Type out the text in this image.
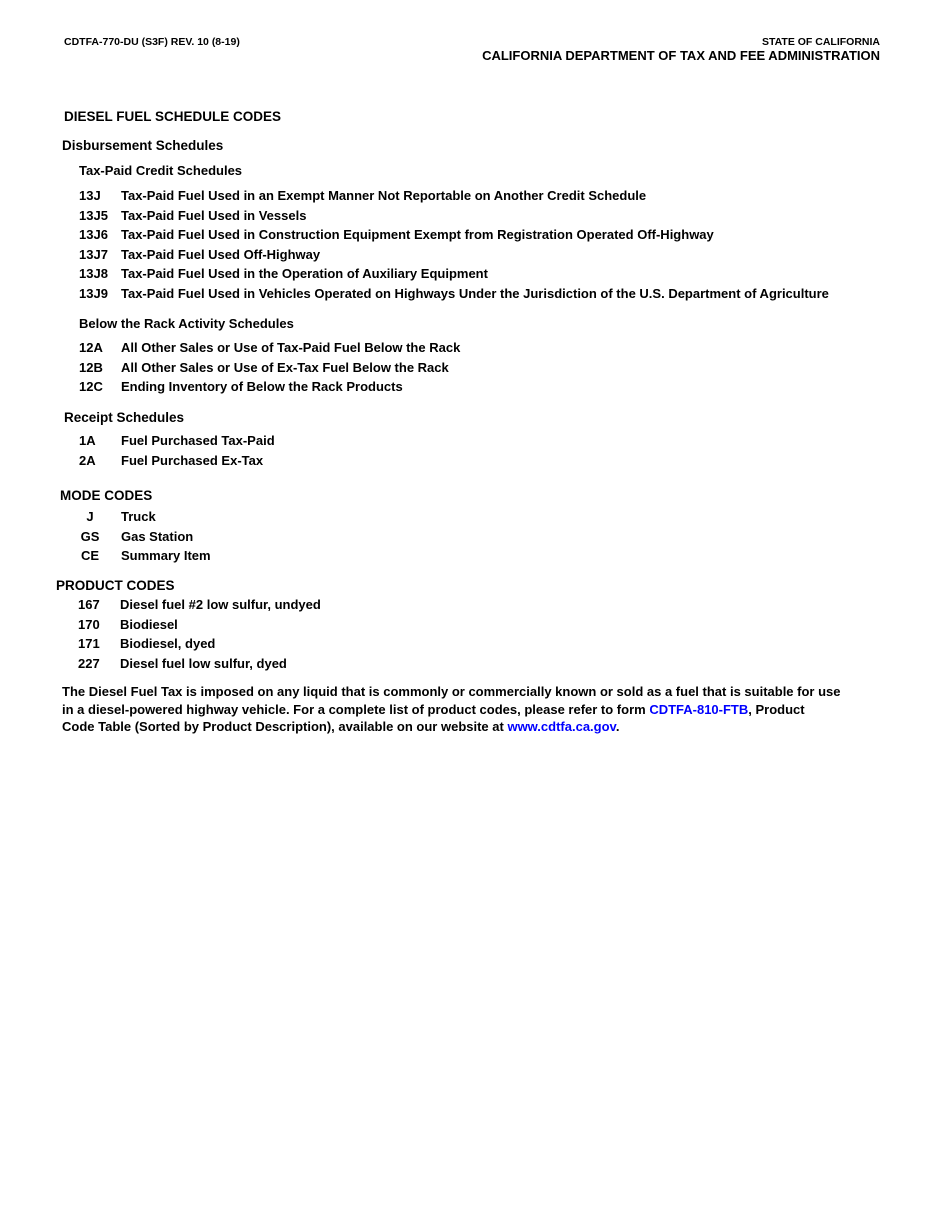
CDTFA-770-DU (S3F) REV. 10 (8-19)	STATE OF CALIFORNIA
CALIFORNIA DEPARTMENT OF TAX AND FEE ADMINISTRATION
DIESEL FUEL SCHEDULE CODES
Disbursement Schedules
Tax-Paid Credit Schedules
13J	Tax-Paid Fuel Used in an Exempt Manner Not Reportable on Another Credit Schedule
13J5	Tax-Paid Fuel Used in Vessels
13J6	Tax-Paid Fuel Used in Construction Equipment Exempt from Registration Operated Off-Highway
13J7	Tax-Paid Fuel Used Off-Highway
13J8	Tax-Paid Fuel Used in the Operation of Auxiliary Equipment
13J9	Tax-Paid Fuel Used in Vehicles Operated on Highways Under the Jurisdiction of the U.S. Department of Agriculture
Below the Rack Activity Schedules
12A	All Other Sales or Use of Tax-Paid Fuel Below the Rack
12B	All Other Sales or Use of Ex-Tax Fuel Below the Rack
12C	Ending Inventory of Below the Rack Products
Receipt Schedules
1A	Fuel Purchased Tax-Paid
2A	Fuel Purchased Ex-Tax
MODE CODES
J	Truck
GS Gas Station
CE Summary Item
PRODUCT CODES
167	Diesel fuel #2 low sulfur, undyed
170	Biodiesel
171	Biodiesel, dyed
227	Diesel fuel low sulfur, dyed
The Diesel Fuel Tax is imposed on any liquid that is commonly or commercially known or sold as a fuel that is suitable for use
in a diesel-powered highway vehicle. For a complete list of product codes, please refer to form CDTFA-810-FTB, Product
Code Table (Sorted by Product Description), available on our website at www.cdtfa.ca.gov.
